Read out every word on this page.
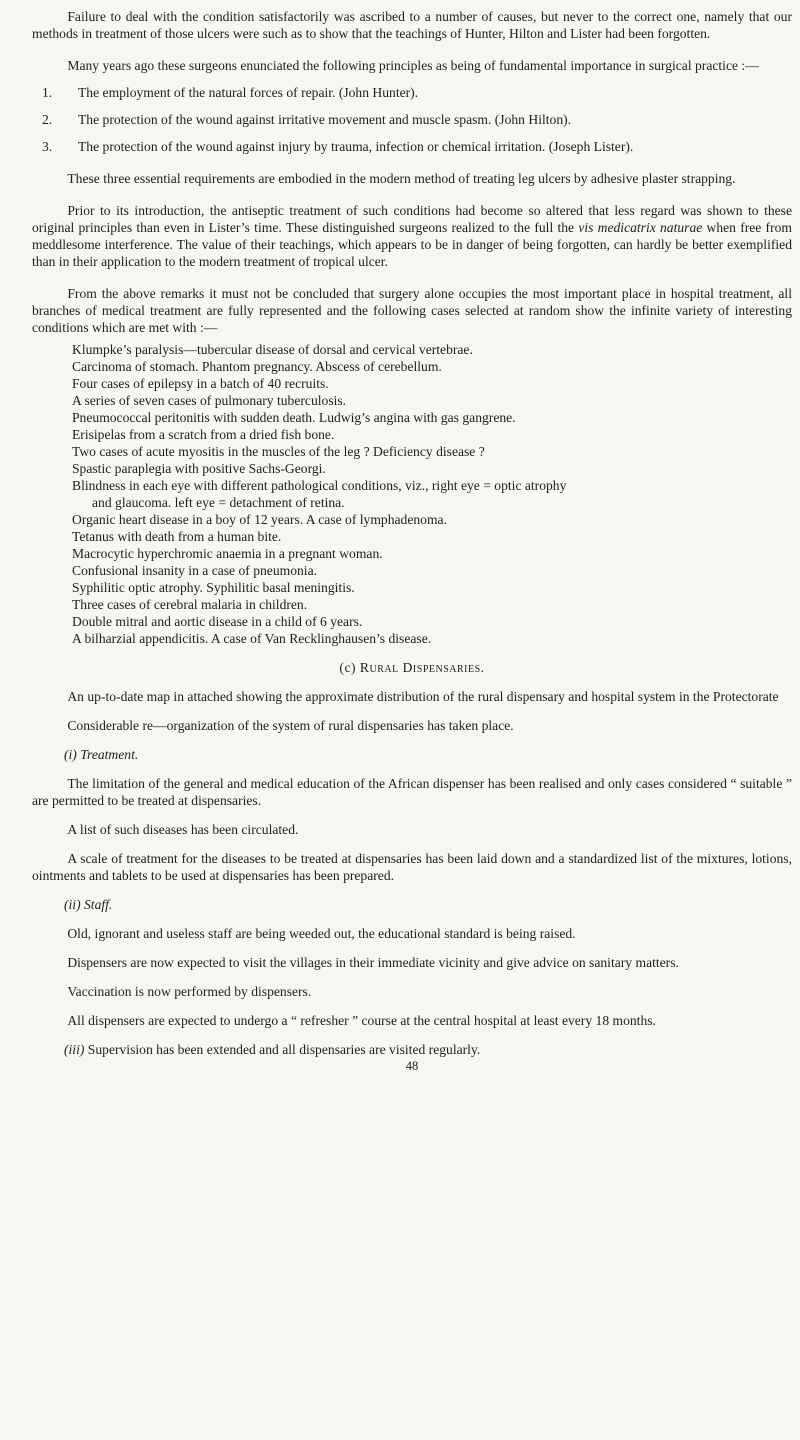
Failure to deal with the condition satisfactorily was ascribed to a number of causes, but never to the correct one, namely that our methods in treatment of those ulcers were such as to show that the teachings of Hunter, Hilton and Lister had been forgotten.

Many years ago these surgeons enunciated the following principles as being of fundamental importance in surgical practice :—

1. The employment of the natural forces of repair. (John Hunter).
2. The protection of the wound against irritative movement and muscle spasm. (John Hilton).
3. The protection of the wound against injury by trauma, infection or chemical irritation. (Joseph Lister).

These three essential requirements are embodied in the modern method of treating leg ulcers by adhesive plaster strapping.

Prior to its introduction, the antiseptic treatment of such conditions had become so altered that less regard was shown to these original principles than even in Lister’s time. These distinguished surgeons realized to the full the vis medicatrix naturae when free from meddlesome interference. The value of their teachings, which appears to be in danger of being forgotten, can hardly be better exemplified than in their application to the modern treatment of tropical ulcer.

From the above remarks it must not be concluded that surgery alone occupies the most important place in hospital treatment, all branches of medical treatment are fully represented and the following cases selected at random show the infinite variety of interesting conditions which are met with :—

Klumpke’s paralysis—tubercular disease of dorsal and cervical vertebrae.
Carcinoma of stomach. Phantom pregnancy. Abscess of cerebellum.
Four cases of epilepsy in a batch of 40 recruits.
A series of seven cases of pulmonary tuberculosis.
Pneumococcal peritonitis with sudden death. Ludwig’s angina with gas gangrene.
Erisipelas from a scratch from a dried fish bone.
Two cases of acute myositis in the muscles of the leg ? Deficiency disease ?
Spastic paraplegia with positive Sachs-Georgi.
Blindness in each eye with different pathological conditions, viz., right eye = optic atrophy
and glaucoma. left eye = detachment of retina.
Organic heart disease in a boy of 12 years. A case of lymphadenoma.
Tetanus with death from a human bite.
Macrocytic hyperchromic anaemia in a pregnant woman.
Confusional insanity in a case of pneumonia.
Syphilitic optic atrophy. Syphilitic basal meningitis.
Three cases of cerebral malaria in children.
Double mitral and aortic disease in a child of 6 years.
A bilharzial appendicitis. A case of Van Recklinghausen’s disease.
(c) Rural Dispensaries.

An up-to-date map in attached showing the approximate distribution of the rural dispensary and hospital system in the Protectorate

Considerable re—organization of the system of rural dispensaries has taken place.

(i) Treatment.

The limitation of the general and medical education of the African dispenser has been realised and only cases considered “ suitable ” are permitted to be treated at dispensaries.

A list of such diseases has been circulated.

A scale of treatment for the diseases to be treated at dispensaries has been laid down and a standardized list of the mixtures, lotions, ointments and tablets to be used at dispensaries has been prepared.

(ii) Staff.

Old, ignorant and useless staff are being weeded out, the educational standard is being raised.

Dispensers are now expected to visit the villages in their immediate vicinity and give advice on sanitary matters.

Vaccination is now performed by dispensers.

All dispensers are expected to undergo a “ refresher ” course at the central hospital at least every 18 months.

(iii) Supervision has been extended and all dispensaries are visited regularly.

48
